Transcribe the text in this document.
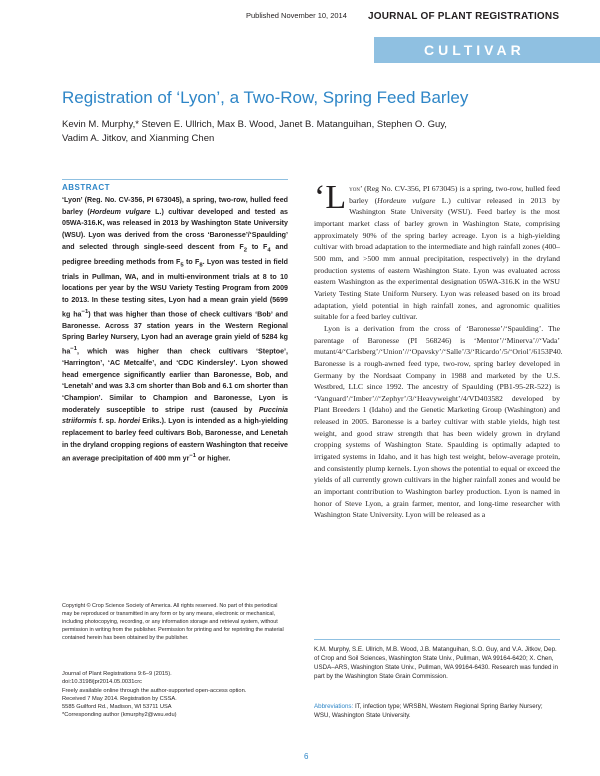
Published November 10, 2014 JOURNAL OF PLANT REGISTRATIONS
CULTIVAR
Registration of ‘Lyon’, a Two-Row, Spring Feed Barley
Kevin M. Murphy,* Steven E. Ullrich, Max B. Wood, Janet B. Matanguihan, Stephen O. Guy,
Vadim A. Jitkov, and Xianming Chen
ABSTRACT
‘Lyon’ (Reg. No. CV-356, PI 673045), a spring, two-row, hulled feed barley (Hordeum vulgare L.) cultivar developed and tested as 05WA-316.K, was released in 2013 by Washington State University (WSU). Lyon was derived from the cross ‘Baronesse’/‘Spaulding’ and selected through single-seed descent from $F_2$ to $F_4$ and pedigree breeding methods from $F_5$ to $F_8$. Lyon was tested in field trials in Pullman, WA, and in multi-environment trials at 8 to 10 locations per year by the WSU Variety Testing Program from 2009 to 2013. In these testing sites, Lyon had a mean grain yield (5699 kg $ha^{-1}$) that was higher than those of check cultivars ‘Bob’ and Baronesse. Across 37 station years in the Western Regional Spring Barley Nursery, Lyon had an average grain yield of 5284 kg $ha^{-1}$, which was higher than check cultivars ‘Steptoe’, ‘Harrington’, ‘AC Metcalfe’, and ‘CDC Kindersley’. Lyon showed head emergence significantly earlier than Baronesse, Bob, and ‘Lenetah’ and was 3.3 cm shorter than Bob and 6.1 cm shorter than ‘Champion’. Similar to Champion and Baronesse, Lyon is moderately susceptible to stripe rust (caused by Puccinia striiformis f. sp. hordei Eriks.). Lyon is intended as a high-yielding replacement to barley feed cultivars Bob, Baronesse, and Lenetah in the dryland cropping regions of eastern Washington that receive an average precipitation of 400 mm $yr^{-1}$ or higher.

‘Lyon’ (Reg No. CV-356, PI 673045) is a spring, two-row, hulled feed barley (Hordeum vulgare L.) cultivar released in 2013 by Washington State University (WSU). Feed barley is the most important market class of barley grown in Washington State, comprising approximately 90% of the spring barley acreage. Lyon is a high-yielding cultivar with broad adaptation to the intermediate and high rainfall zones (400–500 mm, and >500 mm annual precipitation, respectively) in the dryland production systems of eastern Washington State. Lyon was evaluated across eastern Washington as the experimental designation 05WA-316.K in the WSU Variety Testing State Uniform Nursery. Lyon was released based on its broad adaptation, yield potential in high rainfall zones, and agronomic qualities suitable for a feed barley cultivar.

Lyon is a derivation from the cross of ‘Baronesse’/‘Spaulding’. The parentage of Baronesse (PI 568246) is ‘Mentor’/‘Minerva’//‘Vada’ mutant/4/‘Carlsberg’/‘Union’//‘Opavsky’/‘Salle’/3/‘Ricardo’/5/‘Oriol’/6153P40. Baronesse is a rough-awned feed type, two-row, spring barley developed in Germany by the Nordsaat Company in 1988 and marketed by the U.S. Westbred, LLC since 1992. The ancestry of Spaulding (PB1-95-2R-522) is ‘Vanguard’/‘Imber’//‘Zephyr’/3/‘Heavyweight’/4/VD403582 developed by Plant Breeders 1 (Idaho) and the Genetic Marketing Group (Washington) and released in 2005. Baronesse is a barley cultivar with stable yields, high test weight, and good straw strength that has been widely grown in dryland cropping systems of Washington State. Spaulding is optimally adapted to irrigated systems in Idaho, and it has high test weight, below-average protein, and consistently plump kernels. Lyon shows the potential to equal or exceed the yields of all currently grown cultivars in the higher rainfall zones and would be an important contribution to Washington barley production. Lyon is named in honor of Steve Lyon, a grain farmer, mentor, and long-time researcher with Washington State University. Lyon will be released as a

Copyright © Crop Science Society of America. All rights reserved. No part of this periodical may be reproduced or transmitted in any form or by any means, electronic or mechanical, including photocopying, recording, or any information storage and retrieval system, without permission in writing from the publisher. Permission for printing and for reprinting the material contained herein has been obtained by the publisher.
Journal of Plant Registrations 9:6–9 (2015).
doi:10.3198/jpr2014.05.0031crc
Freely available online through the author-supported open-access option.
Received 7 May 2014. Registration by CSSA.
5585 Guilford Rd., Madison, WI 53711 USA
*Corresponding author (kmurphy2@wsu.edu)
K.M. Murphy, S.E. Ullrich, M.B. Wood, J.B. Matanguihan, S.O. Guy, and V.A. Jitkov, Dep. of Crop and Soil Sciences, Washington State Univ., Pullman, WA 99164-6420; X. Chen, USDA–ARS, Washington State Univ., Pullman, WA 99164-6430. Research was funded in part by the Washington State Grain Commission.
Abbreviations: IT, infection type; WRSBN, Western Regional Spring Barley Nursery; WSU, Washington State University.
6
